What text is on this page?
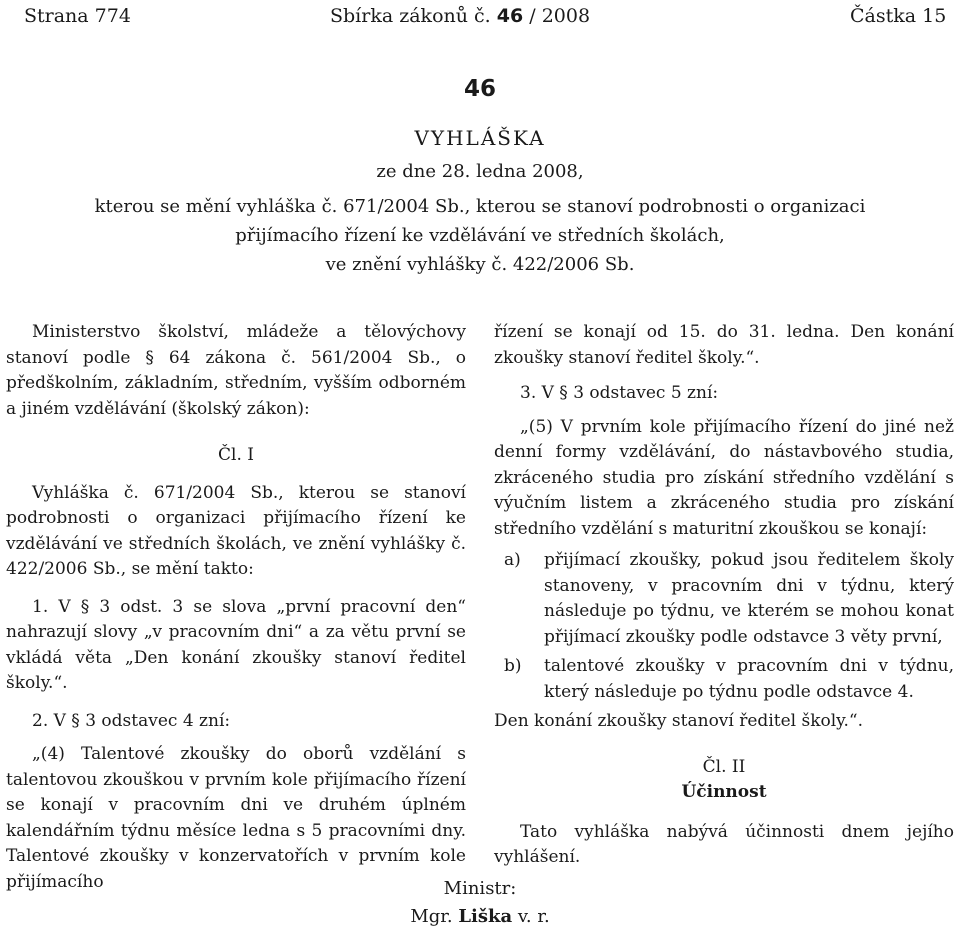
Strana 774	Sbírka zákonů č. 46 / 2008	Částka 15
46
VYHLÁŠKA
ze dne 28. ledna 2008,
kterou se mění vyhláška č. 671/2004 Sb., kterou se stanoví podrobnosti o organizaci
přijímacího řízení ke vzdělávání ve středních školách,
ve znění vyhlášky č. 422/2006 Sb.

Ministerstvo školství, mládeže a tělovýchovy stanoví podle § 64 zákona č. 561/2004 Sb., o předškolním, základním, středním, vyšším odborném a jiném vzdělávání (školský zákon):

Čl. I

Vyhláška č. 671/2004 Sb., kterou se stanoví podrobnosti o organizaci přijímacího řízení ke vzdělávání ve středních školách, ve znění vyhlášky č. 422/2006 Sb., se mění takto:

1. V § 3 odst. 3 se slova „první pracovní den“ nahrazují slovy „v pracovním dni“ a za větu první se vkládá věta „Den konání zkoušky stanoví ředitel školy.“.

2. V § 3 odstavec 4 zní:

„(4) Talentové zkoušky do oborů vzdělání s talentovou zkouškou v prvním kole přijímacího řízení se konají v pracovním dni ve druhém úplném kalendářním týdnu měsíce ledna s 5 pracovními dny. Talentové zkoušky v konzervatořích v prvním kole přijímacího

řízení se konají od 15. do 31. ledna. Den konání zkoušky stanoví ředitel školy.“.

3. V § 3 odstavec 5 zní:

„(5) V prvním kole přijímacího řízení do jiné než denní formy vzdělávání, do nástavbového studia, zkráceného studia pro získání středního vzdělání s výučním listem a zkráceného studia pro získání středního vzdělání s maturitní zkouškou se konají:

a)	přijímací zkoušky, pokud jsou ředitelem školy stanoveny, v pracovním dni v týdnu, který následuje po týdnu, ve kterém se mohou konat přijímací zkoušky podle odstavce 3 věty první,
b)	talentové zkoušky v pracovním dni v týdnu, který následuje po týdnu podle odstavce 4.

Den konání zkoušky stanoví ředitel školy.“.

Čl. II

Účinnost

Tato vyhláška nabývá účinnosti dnem jejího vyhlášení.

Ministr:
Mgr. Liška v. r.
